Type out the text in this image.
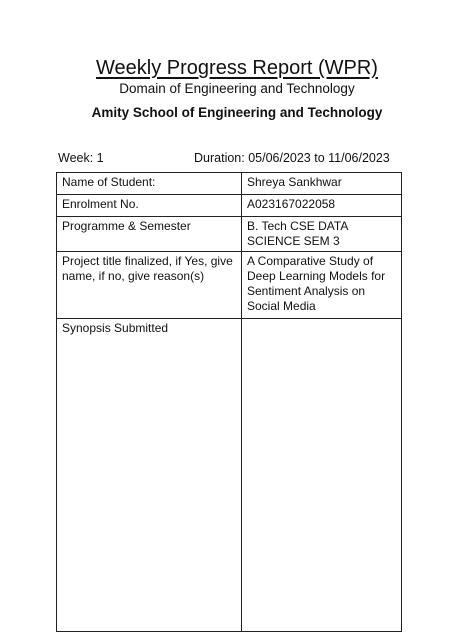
Weekly Progress Report (WPR)
Domain of Engineering and Technology
Amity School of Engineering and Technology
Week: 1	Duration: 05/06/2023 to 11/06/2023
Name of Student:	Shreya Sankhwar
Enrolment No.	A023167022058
Programme & Semester	B. Tech CSE DATA SCIENCE SEM 3
Project title finalized, if Yes, give name, if no, give reason(s)	A Comparative Study of Deep Learning Models for Sentiment Analysis on Social Media
Synopsis Submitted	
